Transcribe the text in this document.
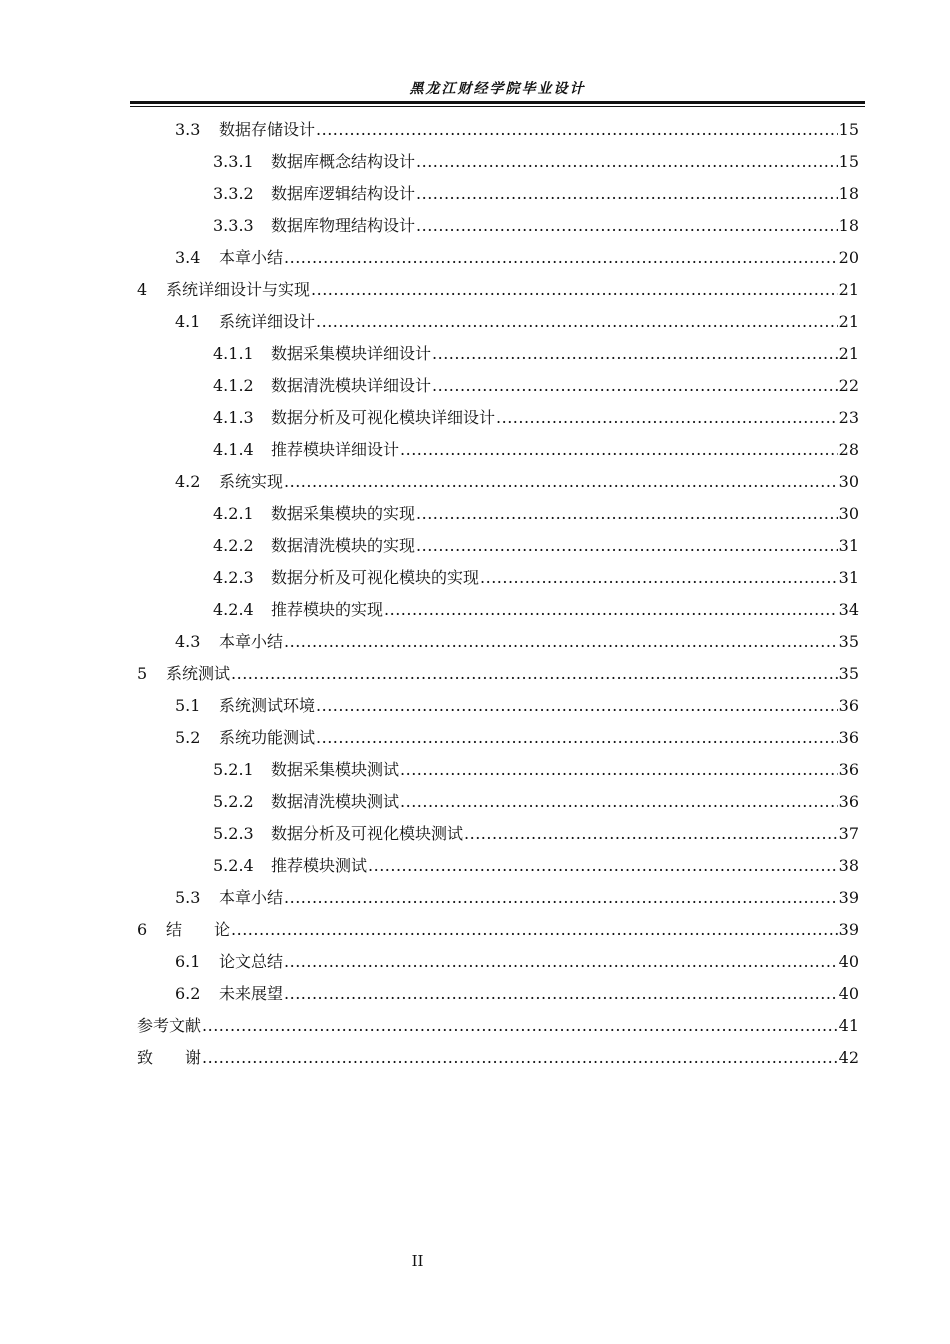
黑龙江财经学院毕业设计
3.3	数据存储设计 .....	15
3.3.1	数据库概念结构设计 .....	15
3.3.2	数据库逻辑结构设计 .....	18
3.3.3	数据库物理结构设计 .....	18
3.4	本章小结 .....	20
4	系统详细设计与实现 .....	21
4.1	系统详细设计 .....	21
4.1.1	数据采集模块详细设计 .....	21
4.1.2	数据清洗模块详细设计 .....	22
4.1.3	数据分析及可视化模块详细设计 .....	23
4.1.4	推荐模块详细设计 .....	28
4.2	系统实现 .....	30
4.2.1	数据采集模块的实现 .....	30
4.2.2	数据清洗模块的实现 .....	31
4.2.3	数据分析及可视化模块的实现 .....	31
4.2.4	推荐模块的实现 .....	34
4.3	本章小结 .....	35
5	系统测试 .....	35
5.1	系统测试环境 .....	36
5.2	系统功能测试 .....	36
5.2.1	数据采集模块测试 .....	36
5.2.2	数据清洗模块测试 .....	36
5.2.3	数据分析及可视化模块测试 .....	37
5.2.4	推荐模块测试 .....	38
5.3	本章小结 .....	39
6	结　　论 .....	39
6.1	论文总结 .....	40
6.2	未来展望 .....	40
参考文献 .....	41
致　　谢 .....	42
II
